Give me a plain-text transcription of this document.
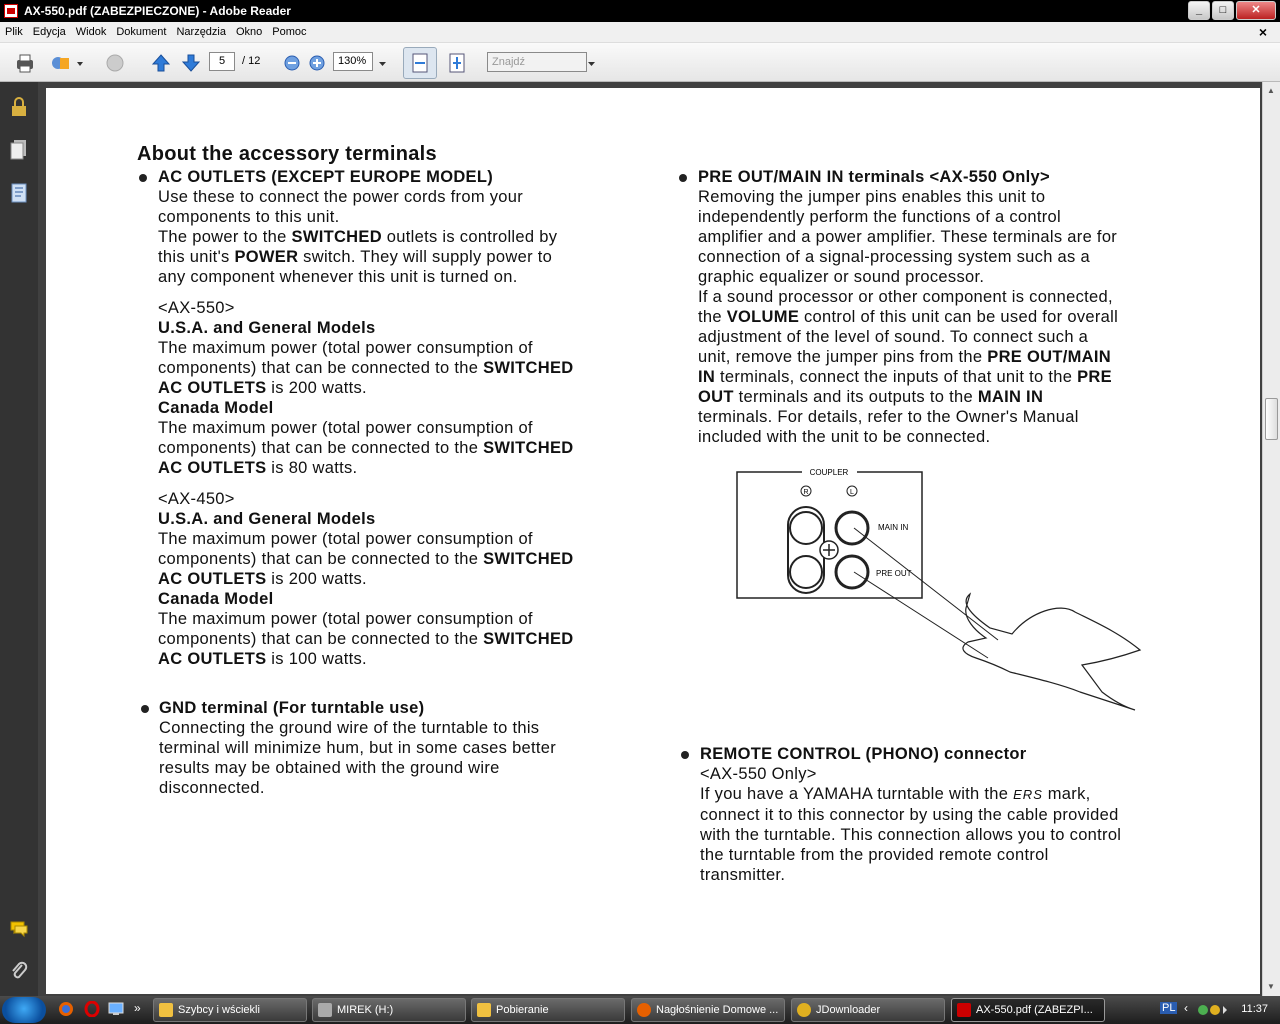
AX-550.pdf (ZABEZPIECZONE) - Adobe Reader	_	□	✕
Plik Edycja Widok Dokument Narzędzia Okno Pomoc	×
5	/ 12	130%	Znajdź
About the accessory terminals
AC OUTLETS (EXCEPT EUROPE MODEL)
Use these to connect the power cords from your
components to this unit.
The power to the SWITCHED outlets is controlled by
this unit's POWER switch. They will supply power to
any component whenever this unit is turned on.
<AX-550>
U.S.A. and General Models
The maximum power (total power consumption of
components) that can be connected to the SWITCHED
AC OUTLETS is 200 watts.
Canada Model
The maximum power (total power consumption of
components) that can be connected to the SWITCHED
AC OUTLETS is 80 watts.
<AX-450>
U.S.A. and General Models
The maximum power (total power consumption of
components) that can be connected to the SWITCHED
AC OUTLETS is 200 watts.
Canada Model
The maximum power (total power consumption of
components) that can be connected to the SWITCHED
AC OUTLETS is 100 watts.
GND terminal (For turntable use)
Connecting the ground wire of the turntable to this
terminal will minimize hum, but in some cases better
results may be obtained with the ground wire
disconnected.
PRE OUT/MAIN IN terminals <AX-550 Only>
Removing the jumper pins enables this unit to
independently perform the functions of a control
amplifier and a power amplifier. These terminals are for
connection of a signal-processing system such as a
graphic equalizer or sound processor.
If a sound processor or other component is connected,
the VOLUME control of this unit can be used for overall
adjustment of the level of sound. To connect such a
unit, remove the jumper pins from the PRE OUT/MAIN
IN terminals, connect the inputs of that unit to the PRE
OUT terminals and its outputs to the MAIN IN
terminals. For details, refer to the Owner's Manual
included with the unit to be connected.
COUPLER
R	L
MAIN IN
PRE OUT
REMOTE CONTROL (PHONO) connector
<AX-550 Only>
If you have a YAMAHA turntable with the ERS mark,
connect it to this connector by using the cable provided
with the turntable. This connection allows you to control
the turntable from the provided remote control
transmitter.
▲
▼
»	Szybcy i wściekli	MIREK (H:)	Pobieranie	Nagłośnienie Domowe ...	JDownloader	AX-550.pdf (ZABEZPI...	PL ‹	11:37
